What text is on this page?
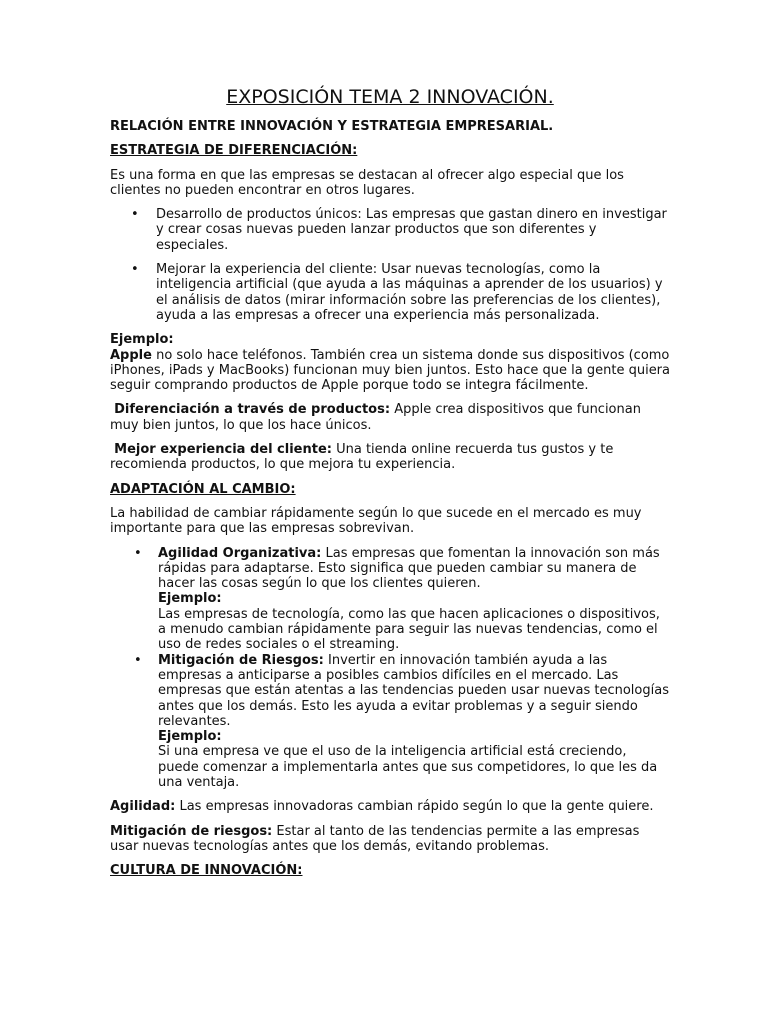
EXPOSICIÓN TEMA 2 INNOVACIÓN.

RELACIÓN ENTRE INNOVACIÓN Y ESTRATEGIA EMPRESARIAL.

ESTRATEGIA DE DIFERENCIACIÓN:

Es una forma en que las empresas se destacan al ofrecer algo especial que los clientes no pueden encontrar en otros lugares.

• Desarrollo de productos únicos: Las empresas que gastan dinero en investigar y crear cosas nuevas pueden lanzar productos que son diferentes y especiales.
• Mejorar la experiencia del cliente: Usar nuevas tecnologías, como la inteligencia artificial (que ayuda a las máquinas a aprender de los usuarios) y el análisis de datos (mirar información sobre las preferencias de los clientes), ayuda a las empresas a ofrecer una experiencia más personalizada.

Ejemplo:
Apple no solo hace teléfonos. También crea un sistema donde sus dispositivos (como iPhones, iPads y MacBooks) funcionan muy bien juntos. Esto hace que la gente quiera seguir comprando productos de Apple porque todo se integra fácilmente.

Diferenciación a través de productos: Apple crea dispositivos que funcionan muy bien juntos, lo que los hace únicos.

Mejor experiencia del cliente: Una tienda online recuerda tus gustos y te recomienda productos, lo que mejora tu experiencia.

ADAPTACIÓN AL CAMBIO:

La habilidad de cambiar rápidamente según lo que sucede en el mercado es muy importante para que las empresas sobrevivan.

• Agilidad Organizativa: Las empresas que fomentan la innovación son más rápidas para adaptarse. Esto significa que pueden cambiar su manera de hacer las cosas según lo que los clientes quieren.
Ejemplo:
Las empresas de tecnología, como las que hacen aplicaciones o dispositivos, a menudo cambian rápidamente para seguir las nuevas tendencias, como el uso de redes sociales o el streaming.
• Mitigación de Riesgos: Invertir en innovación también ayuda a las empresas a anticiparse a posibles cambios difíciles en el mercado. Las empresas que están atentas a las tendencias pueden usar nuevas tecnologías antes que los demás. Esto les ayuda a evitar problemas y a seguir siendo relevantes.
Ejemplo:
Si una empresa ve que el uso de la inteligencia artificial está creciendo, puede comenzar a implementarla antes que sus competidores, lo que les da una ventaja.

Agilidad: Las empresas innovadoras cambian rápido según lo que la gente quiere.

Mitigación de riesgos: Estar al tanto de las tendencias permite a las empresas usar nuevas tecnologías antes que los demás, evitando problemas.

CULTURA DE INNOVACIÓN:
